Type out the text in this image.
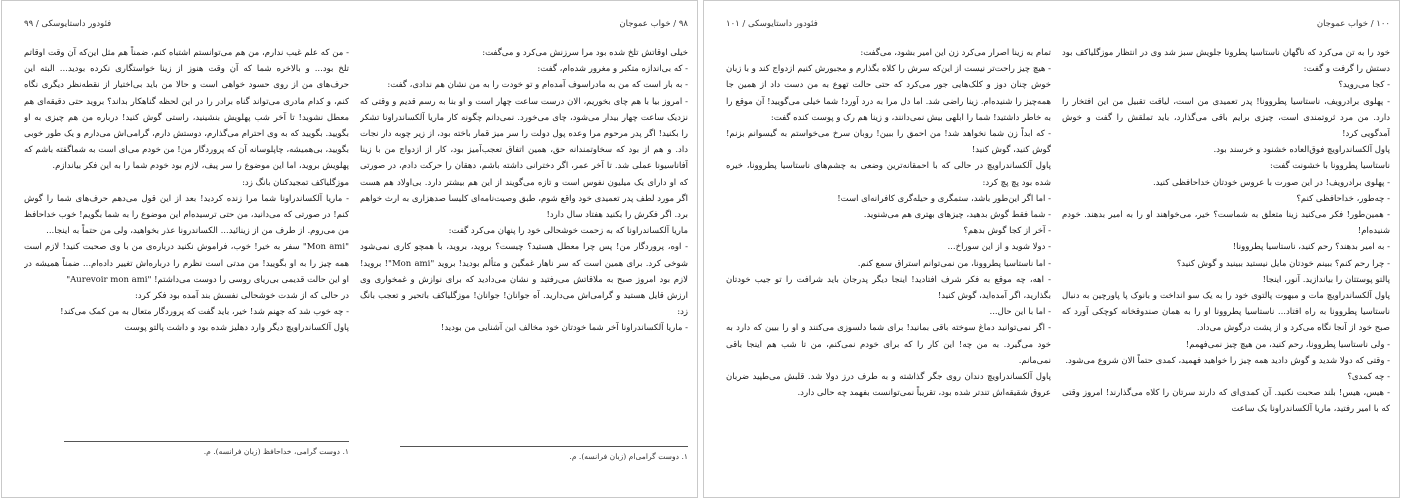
فئودور داستایوسکی / ۹۹

- من که علم غیب ندارم، من هم می‌توانستم اشتباه کنم، ضمناً هم مثل این‌که آن وقت اوقاتم تلخ بود... و بالاخره شما که آن وقت هنوز از زینا خواستگاری نکرده بودید... البته این حرف‌های من از روی حسود خواهی است و حالا من باید بی‌اختیار از نقطه‌نظر دیگری نگاه کنم، و کدام مادری می‌تواند گناه برادر را در این لحظه گناهکار بداند؟ بروید حتی دقیقه‌ای هم معطل نشوید! تا آخر شب پهلویش بنشینید، راستی گوش کنید! درباره من هم چیزی به او بگویید. بگویید که به وی احترام می‌گذارم، دوستش دارم، گرامی‌اش می‌دارم و یک طور خوبی بگویید، بی‌همیشه، چاپلوسانه آن که پروردگار من! من خودم می‌ای است به شماگفته باشم که پهلویش بروید، اما این موضوع را سر پیف، لازم بود خودم شما را به این فکر بیاندازم.

موزگلیاکف تمجیدکنان بانگ زد:

- ماریا آلکساندراونا شما مرا زنده کردید! بعد از این قول می‌دهم حرف‌های شما را گوش کنم! در صورتی که می‌دانید، من حتی ترسیده‌ام این موضوع را به شما بگویم! خوب خداحافظ من می‌روم. از طرف من از زینائید... الکساندرونا عذر بخواهید، ولی من حتماً به اینجا...

"Mon ami" سفر به خیر! خوب، فراموش نکنید درباره‌ی من با وی صحبت کنید! لازم است همه چیز را به او بگویید! من مدتی است نظرم را درباره‌اش تغییر داده‌ام... ضمناً همیشه در او این حالت قدیمی بی‌ریای روسی را دوست می‌داشتم! "Aurevoir mon ami"

در حالی که از شدت خوشحالی نفسش بند آمده بود فکر کرد:

- چه خوب شد که جهنم شد! خیر، باید گفت که پروردگار متعال به من کمک می‌کند!

پاول آلکساندراویچ دیگر وارد دهلیز شده بود و داشت پالتو پوست

۱. دوست گرامی، خداحافظ (زبان فرانسه). م.
۹۸ / خواب عموجان

خیلی اوقاتش تلخ شده بود مرا سرزنش می‌کرد و می‌گفت:

- که بی‌اندازه متکبر و مغرور شده‌ام، گفت:

- به بار است که من به مادراسوف آمده‌ام و تو خودت را به من نشان هم ندادی، گفت:

- امروز بیا با هم چای بخوریم، الان درست ساعت چهار است و او بنا به رسم قدیم و وقتی که نزدیک ساعت چهار بیدار می‌شود، چای می‌خورد. نمی‌دانم چگونه کار ماریا آلکساندراونا تشکر را بکنید! اگر پدر مرحوم مرا وعده پول دولت را سر میز قمار باخته بود، از زیر چوبه دار نجات داد. و هم از بود که سخاوتمندانه حق، همین اتفاق تعجب‌آمیز بود، کار از ازدواج من با زینا آفاناسیونا عملی شد. تا آخر عمر، اگر دخترانی داشته باشم، دهقان را حرکت دادم، در صورتی که او دارای یک میلیون نفوس است و تازه می‌گویند از این هم بیشتر دارد. بی‌اولاد هم هست اگر مورد لطف پدر تعمیدی خود واقع شوم، طبق وصیت‌نامه‌ای کلیسا صدهزاری به ارث خواهم برد. اگر فکرش را بکنید هفتاد سال دارد!

ماریا آلکساندراونا که به زحمت خوشحالی خود را پنهان می‌کرد گفت:

- اوه، پروردگار من! پس چرا معطل هستید؟ چیست؟ بروید، بروید، با همچو کاری نمی‌شود شوخی کرد. برای همین است که سر ناهار غمگین و متألم بودید! بروید "Mon ami"! بروید! لازم بود امروز صبح به ملاقاتش می‌رفتید و نشان می‌دادید که برای نوازش و غمخواری وی ارزش قایل هستید و گرامی‌اش می‌دارید. آه جوانان! جوانان! موزگلیاکف باتحیر و تعجب بانگ زد:

- ماریا آلکساندراونا آخر شما خودتان خود مخالف این آشنایی من بودید!

۱. دوست گرامی‌ام (زبان فرانسه). م.
فئودور داستایوسکی / ۱۰۱

تمام به زینا اصرار می‌کرد زن این امیر بشود، می‌گفت:

- هیچ چیز راحت‌تر نیست از این‌که سرش را کلاه بگذارم و مجبورش کنیم ازدواج کند و با زبان خوش چنان دوز و کلک‌هایی جور می‌کرد که حتی حالت تهوع به من دست داد از همین جا همه‌چیز را شنیده‌ام. زینا راضی شد. اما دل مرا به درد آورد! شما خیلی می‌گویید! آن موقع را به خاطر داشتید! شما را ابلهی بیش نمی‌دانند، و زینا هم رک و پوست کنده گفت:

- که ابداً زن شما نخواهد شد! من احمق را ببین! روبان سرخ می‌خواستم به گیسوانم بزنم! گوش کنید، گوش کنید!

پاول آلکساندراویچ در حالی که با احمقانه‌ترین وضعی به چشم‌های ناستاسیا پطروونا، خیره شده بود پچ پچ کرد:

- اما اگر این‌طور باشد، ستمگری و حیله‌گری کافرانه‌ای است!

- شما فقط گوش بدهید، چیزهای بهتری هم می‌شنوید.

- آخر از کجا گوش بدهم؟

- دولا شوید و از این سوراخ...

- اما ناستاسیا پطروونا، من نمی‌توانم استراق سمع کنم.

- اهه، چه موقع به فکر شرف افتادید! اینجا دیگر پدرجان باید شرافت را تو جیب خودتان بگذارید، اگر آمده‌اید، گوش کنید!

- اما با این حال...

- اگر نمی‌توانید دماغ سوخته باقی بمانید! برای شما دلسوزی می‌کنند و او را بیین که دارد به خود می‌گیرد. به من چه! این کار را که برای خودم نمی‌کنم، من تا شب هم اینجا باقی نمی‌مانم.

پاول آلکساندراویچ دندان روی جگر گذاشته و به طرف درز دولا شد. قلبش می‌طپید ضربان عروق شقیقه‌اش تندتر شده بود، تقریباً نمی‌توانست بفهمد چه حالی دارد.

۱۰۰ / خواب عموجان

خود را به تن می‌کرد که ناگهان ناستاسیا پطرونا جلویش سبز شد وی در انتظار موزگلیاکف بود دستش را گرفت و گفت:

- کجا می‌روید؟

- پهلوی برادرویف، ناستاسیا پطروونا! پدر تعمیدی من است، لیاقت تقبیل من این افتخار را دارد. من مرد ثروتمندی است، چیزی برایم باقی می‌گذارد، باید تملقش را گفت و خوش آمدگویی کرد!

پاول آلکساندراویچ فوق‌العاده خشنود و خرسند بود.

ناستاسیا پطروونا با خشونت گفت:

- پهلوی برادرویف! در این صورت با عروس خودتان خداحافظی کنید.

- چه‌طور، خداحافظی کنم؟

- همین‌طور! فکر می‌کنید زینا متعلق به شماست؟ خیر، می‌خواهند او را به امیر بدهند. خودم شنیده‌ام!

- به امیر بدهند؟ رحم کنید، ناستاسیا پطروونا!

- چرا رحم کنم؟ ببینم خودتان مایل نیستید ببینید و گوش کنید؟

پالتو پوستتان را بیاندازید. آنور، اینجا!

پاول آلکساندراویچ مات و مبهوت پالتوی خود را به یک سو انداخت و بانوک پا پاورچین به دنبال ناستاسیا پطروونا به راه افتاد... ناستاسیا پطروونا او را به همان صندوقخانه کوچکی آورد که صبح خود از آنجا نگاه می‌کرد و از پشت درگوش می‌داد.

- ولی ناستاسیا پطروونا، رحم کنید، من هیچ چیز نمی‌فهمم!

- وقتی که دولا شدید و گوش دادید همه چیز را خواهید فهمید، کمدی حتماً الان شروع می‌شود.

- چه کمدی؟

- هیس، هیس! بلند صحبت نکنید. آن کمدی‌ای که دارند سرتان را کلاه می‌گذارند! امروز وقتی که با امیر رفتید، ماریا آلکساندراونا یک ساعت
